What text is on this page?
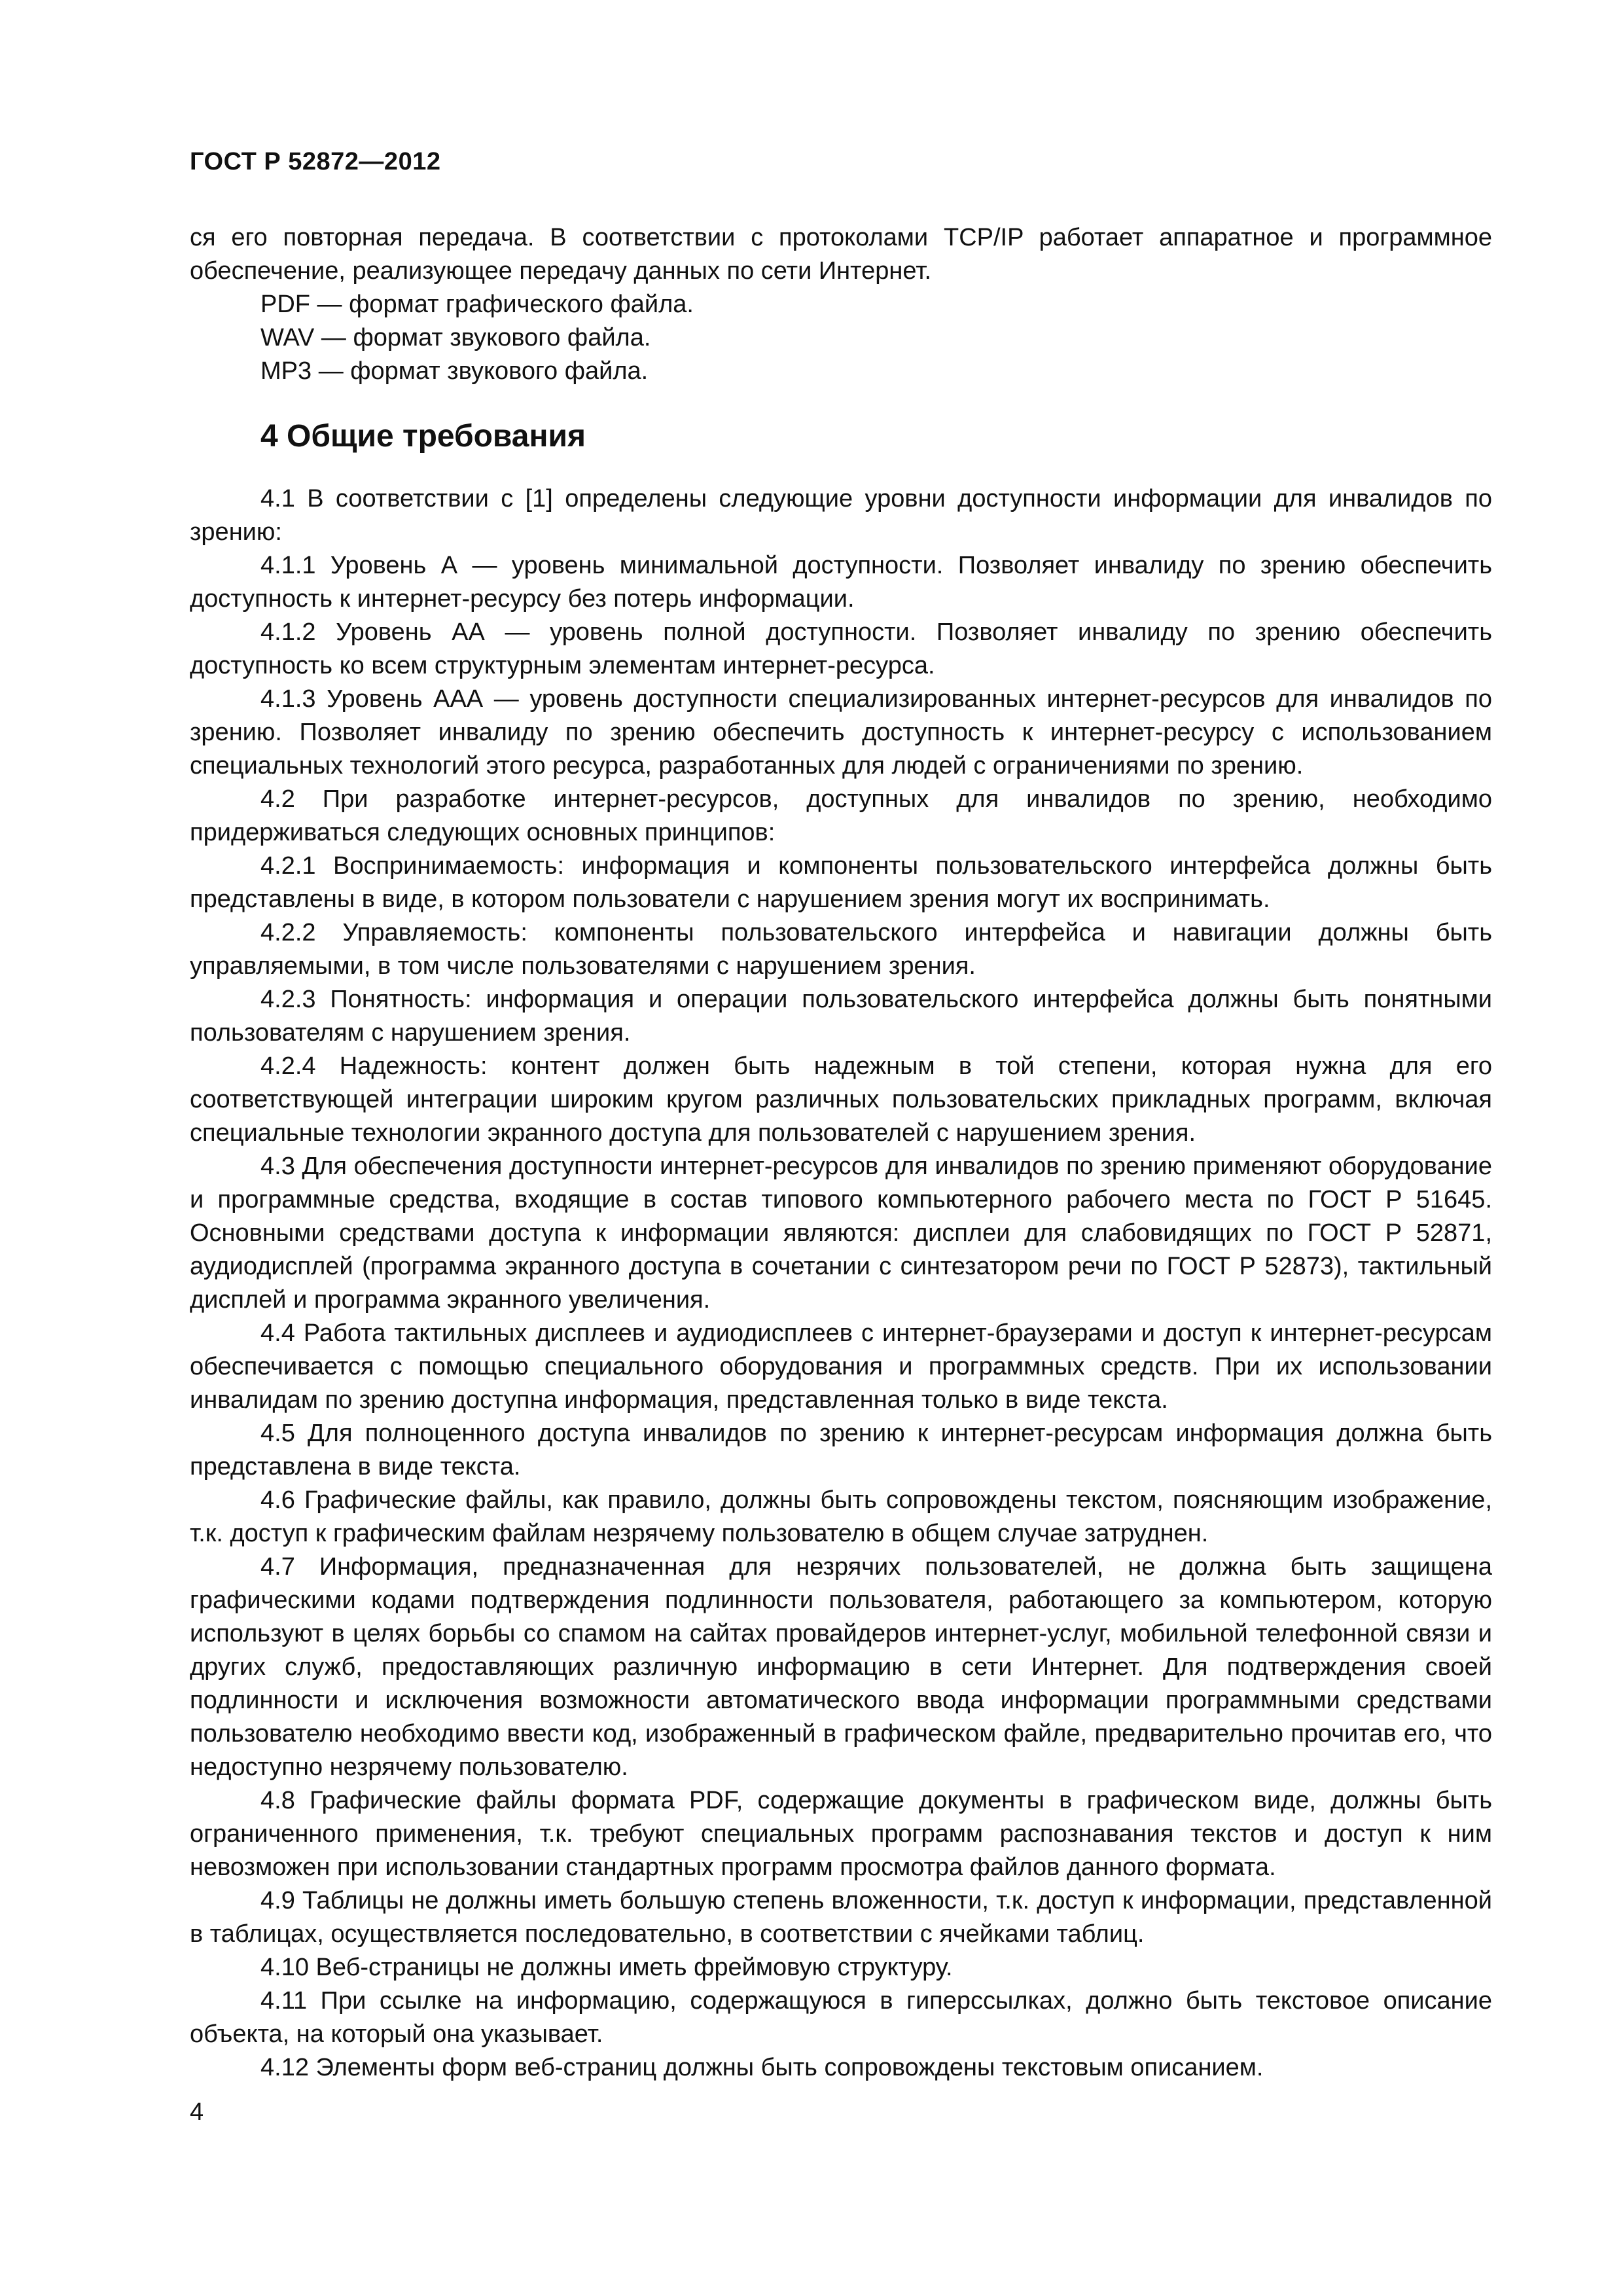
ГОСТ Р 52872—2012

ся его повторная передача. В соответствии с протоколами TCP/IP работает аппаратное и программное обеспечение, реализующее передачу данных по сети Интернет.

PDF — формат графического файла.

WAV — формат звукового файла.

MP3 — формат звукового файла.

4 Общие требования

4.1 В соответствии с [1] определены следующие уровни доступности информации для инвалидов по зрению:

4.1.1 Уровень А — уровень минимальной доступности. Позволяет инвалиду по зрению обеспечить доступность к интернет-ресурсу без потерь информации.

4.1.2 Уровень АА — уровень полной доступности. Позволяет инвалиду по зрению обеспечить доступность ко всем структурным элементам интернет-ресурса.

4.1.3 Уровень ААА — уровень доступности специализированных интернет-ресурсов для инвалидов по зрению. Позволяет инвалиду по зрению обеспечить доступность к интернет-ресурсу с использованием специальных технологий этого ресурса, разработанных для людей с ограничениями по зрению.

4.2 При разработке интернет-ресурсов, доступных для инвалидов по зрению, необходимо придерживаться следующих основных принципов:

4.2.1 Воспринимаемость: информация и компоненты пользовательского интерфейса должны быть представлены в виде, в котором пользователи с нарушением зрения могут их воспринимать.

4.2.2 Управляемость: компоненты пользовательского интерфейса и навигации должны быть управляемыми, в том числе пользователями с нарушением зрения.

4.2.3 Понятность: информация и операции пользовательского интерфейса должны быть понятными пользователям с нарушением зрения.

4.2.4 Надежность: контент должен быть надежным в той степени, которая нужна для его соответствующей интеграции широким кругом различных пользовательских прикладных программ, включая специальные технологии экранного доступа для пользователей с нарушением зрения.

4.3 Для обеспечения доступности интернет-ресурсов для инвалидов по зрению применяют оборудование и программные средства, входящие в состав типового компьютерного рабочего места по ГОСТ Р 51645. Основными средствами доступа к информации являются: дисплеи для слабовидящих по ГОСТ Р 52871, аудиодисплей (программа экранного доступа в сочетании с синтезатором речи по ГОСТ Р 52873), тактильный дисплей и программа экранного увеличения.

4.4 Работа тактильных дисплеев и аудиодисплеев с интернет-браузерами и доступ к интернет-ресурсам обеспечивается с помощью специального оборудования и программных средств. При их использовании инвалидам по зрению доступна информация, представленная только в виде текста.

4.5 Для полноценного доступа инвалидов по зрению к интернет-ресурсам информация должна быть представлена в виде текста.

4.6 Графические файлы, как правило, должны быть сопровождены текстом, поясняющим изображение, т.к. доступ к графическим файлам незрячему пользователю в общем случае затруднен.

4.7 Информация, предназначенная для незрячих пользователей, не должна быть защищена графическими кодами подтверждения подлинности пользователя, работающего за компьютером, которую используют в целях борьбы со спамом на сайтах провайдеров интернет-услуг, мобильной телефонной связи и других служб, предоставляющих различную информацию в сети Интернет. Для подтверждения своей подлинности и исключения возможности автоматического ввода информации программными средствами пользователю необходимо ввести код, изображенный в графическом файле, предварительно прочитав его, что недоступно незрячему пользователю.

4.8 Графические файлы формата PDF, содержащие документы в графическом виде, должны быть ограниченного применения, т.к. требуют специальных программ распознавания текстов и доступ к ним невозможен при использовании стандартных программ просмотра файлов данного формата.

4.9 Таблицы не должны иметь большую степень вложенности, т.к. доступ к информации, представленной в таблицах, осуществляется последовательно, в соответствии с ячейками таблиц.

4.10 Веб-страницы не должны иметь фреймовую структуру.

4.11 При ссылке на информацию, содержащуюся в гиперссылках, должно быть текстовое описание объекта, на который она указывает.

4.12 Элементы форм веб-страниц должны быть сопровождены текстовым описанием.

4
